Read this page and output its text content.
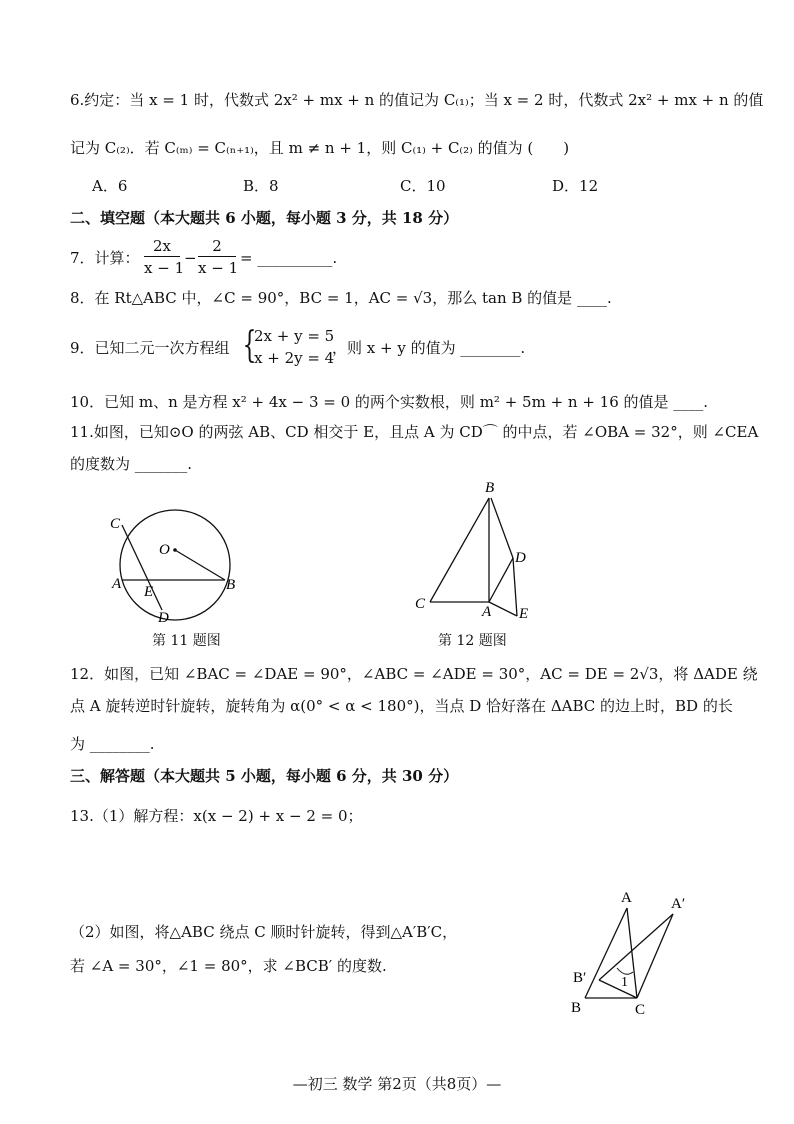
6.约定：当 x = 1 时，代数式 2x² + mx + n 的值记为 C₍₁₎；当 x = 2 时，代数式 2x² + mx + n 的值
记为 C₍₂₎．若 C₍ₘ₎ = C₍ₙ₊₁₎，且 m ≠ n + 1，则 C₍₁₎ + C₍₂₎ 的值为 (　　)
A．6	B．8	C．10	D．12
二、填空题（本大题共 6 小题，每小题 3 分，共 18 分）
7．计算：
2x
x − 1
−
2
x − 1
= __________.
8．在 Rt△ABC 中，∠C = 90°，BC = 1，AC = √3，那么 tan B 的值是 ____.
9．已知二元一次方程组 {
2x + y = 5
x + 2y = 4
，则 x + y 的值为 ________.
10．已知 m、n 是方程 x² + 4x − 3 = 0 的两个实数根，则 m² + 5m + n + 16 的值是 ____.
11.如图，已知⊙O 的两弦 AB、CD 相交于 E，且点 A 为 CD⌒ 的中点，若 ∠OBA = 32°，则 ∠CEA
的度数为 _______.
C
O
A E	B
D
第 11 题图
B
D
C	A E
第 12 题图
12．如图，已知 ∠BAC = ∠DAE = 90°，∠ABC = ∠ADE = 30°，AC = DE = 2√3，将 ΔADE 绕
点 A 旋转逆时针旋转，旋转角为 α(0° < α < 180°)，当点 D 恰好落在 ΔABC 的边上时，BD 的长
为 ________.
三、解答题（本大题共 5 小题，每小题 6 分，共 30 分）
13.（1）解方程：x(x − 2) + x − 2 = 0；
（2）如图，将△ABC 绕点 C 顺时针旋转，得到△A′B′C，
若 ∠A = 30°，∠1 = 80°，求 ∠BCB′ 的度数.
A	A′
B′ 1
B	C
—初三 数学 第2页（共8页）—
